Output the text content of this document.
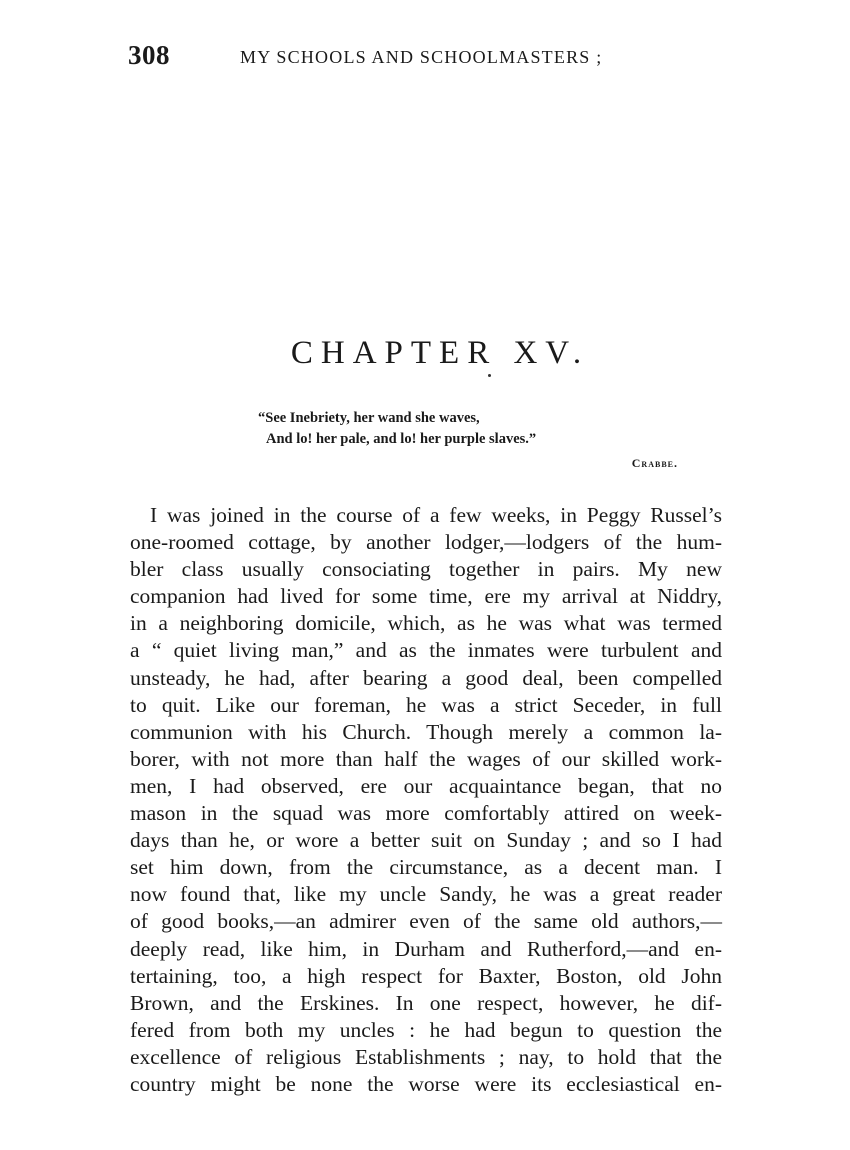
308	MY SCHOOLS AND SCHOOLMASTERS ;
CHAPTER XV.
“See Inebriety, her wand she waves,
And lo! her pale, and lo! her purple slaves.”
Crabbe.
I was joined in the course of a few weeks, in Peggy Russel’s
one-roomed cottage, by another lodger,—lodgers of the hum-
bler class usually consociating together in pairs. My new
companion had lived for some time, ere my arrival at Niddry,
in a neighboring domicile, which, as he was what was termed
a “ quiet living man,” and as the inmates were turbulent and
unsteady, he had, after bearing a good deal, been compelled
to quit. Like our foreman, he was a strict Seceder, in full
communion with his Church. Though merely a common la-
borer, with not more than half the wages of our skilled work-
men, I had observed, ere our acquaintance began, that no
mason in the squad was more comfortably attired on week-
days than he, or wore a better suit on Sunday ; and so I had
set him down, from the circumstance, as a decent man. I
now found that, like my uncle Sandy, he was a great reader
of good books,—an admirer even of the same old authors,—
deeply read, like him, in Durham and Rutherford,—and en-
tertaining, too, a high respect for Baxter, Boston, old John
Brown, and the Erskines. In one respect, however, he dif-
fered from both my uncles : he had begun to question the
excellence of religious Establishments ; nay, to hold that the
country might be none the worse were its ecclesiastical en-
